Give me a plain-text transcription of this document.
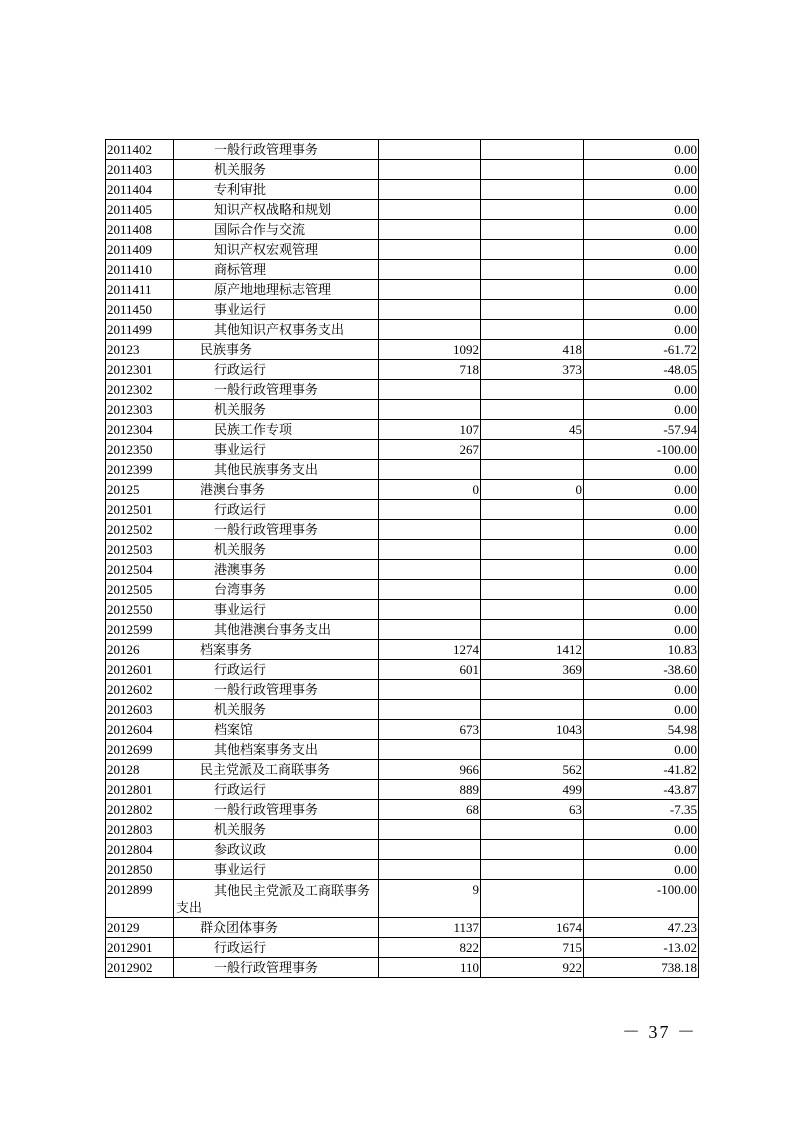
2011402	一般行政管理事务			0.00
2011403	机关服务			0.00
2011404	专利审批			0.00
2011405	知识产权战略和规划			0.00
2011408	国际合作与交流			0.00
2011409	知识产权宏观管理			0.00
2011410	商标管理			0.00
2011411	原产地地理标志管理			0.00
2011450	事业运行			0.00
2011499	其他知识产权事务支出			0.00
20123	民族事务	1092	418	-61.72
2012301	行政运行	718	373	-48.05
2012302	一般行政管理事务			0.00
2012303	机关服务			0.00
2012304	民族工作专项	107	45	-57.94
2012350	事业运行	267		-100.00
2012399	其他民族事务支出			0.00
20125	港澳台事务	0	0	0.00
2012501	行政运行			0.00
2012502	一般行政管理事务			0.00
2012503	机关服务			0.00
2012504	港澳事务			0.00
2012505	台湾事务			0.00
2012550	事业运行			0.00
2012599	其他港澳台事务支出			0.00
20126	档案事务	1274	1412	10.83
2012601	行政运行	601	369	-38.60
2012602	一般行政管理事务			0.00
2012603	机关服务			0.00
2012604	档案馆	673	1043	54.98
2012699	其他档案事务支出			0.00
20128	民主党派及工商联事务	966	562	-41.82
2012801	行政运行	889	499	-43.87
2012802	一般行政管理事务	68	63	-7.35
2012803	机关服务			0.00
2012804	参政议政			0.00
2012850	事业运行			0.00
2012899	其他民主党派及工商联事务支出	9		-100.00
20129	群众团体事务	1137	1674	47.23
2012901	行政运行	822	715	-13.02
2012902	一般行政管理事务	110	922	738.18
－ 37 －
